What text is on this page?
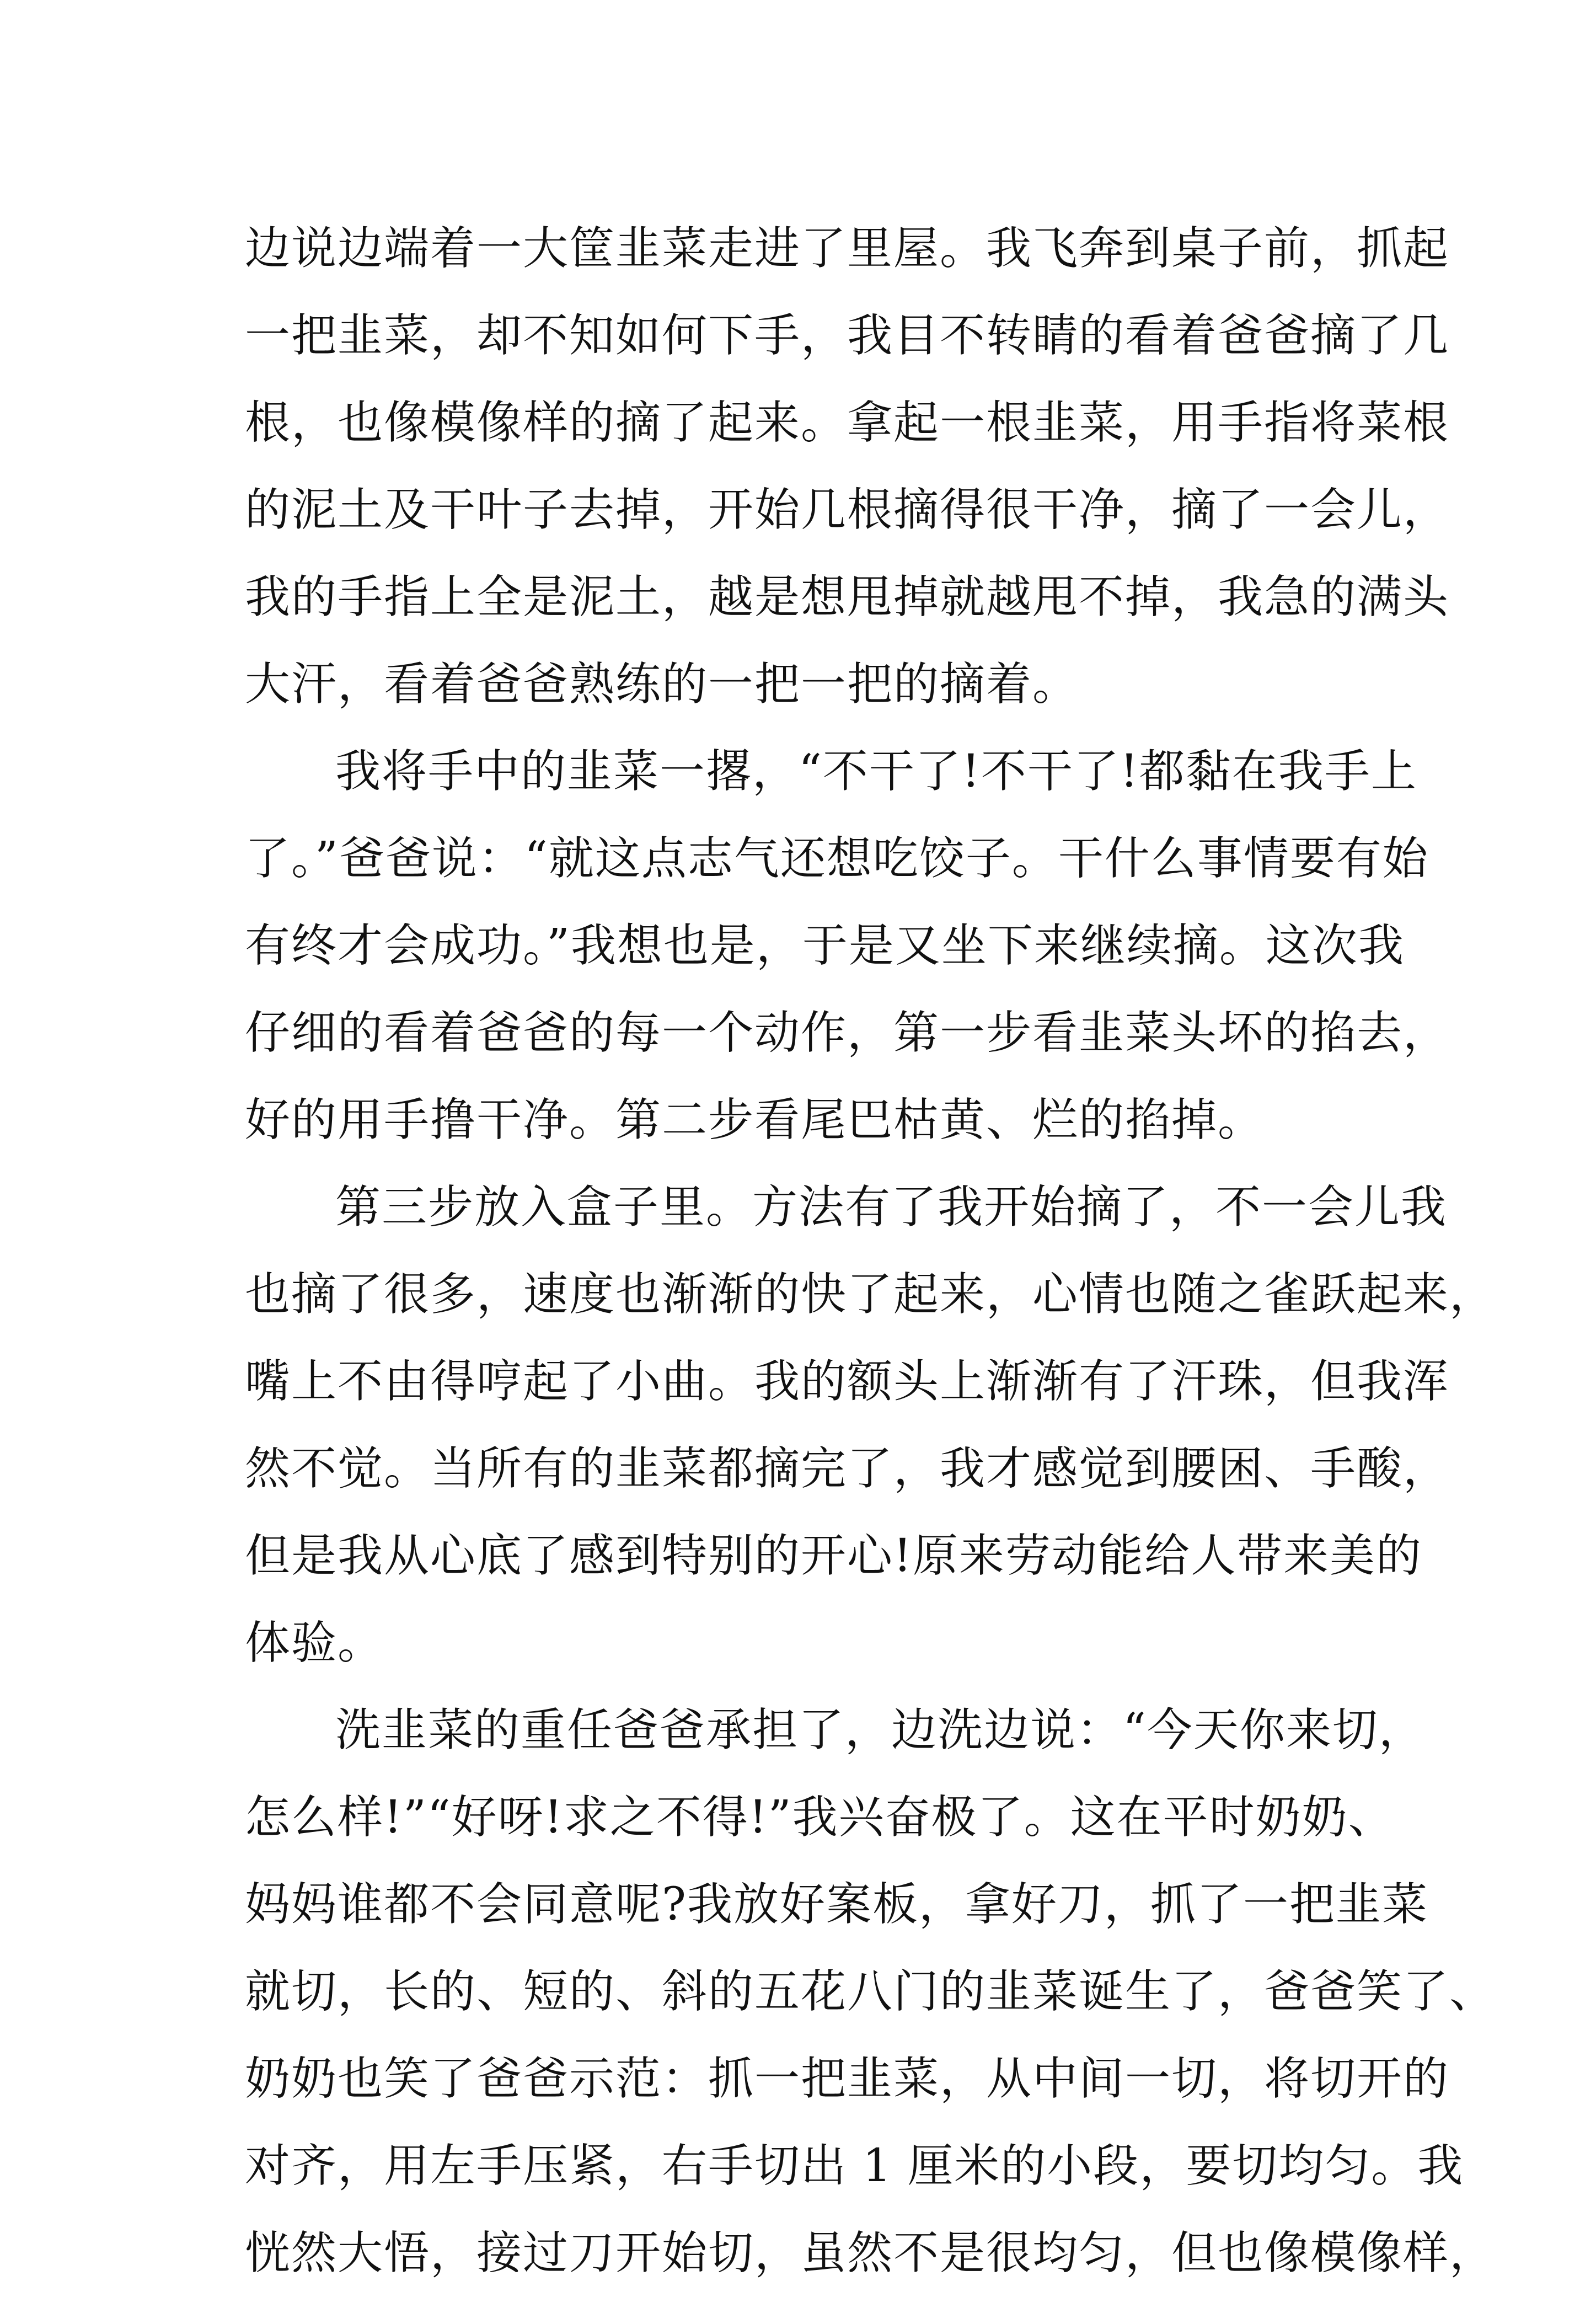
边说边端着一大筐韭菜走进了里屋。我飞奔到桌子前，抓起
一把韭菜，却不知如何下手，我目不转睛的看着爸爸摘了几
根，也像模像样的摘了起来。拿起一根韭菜，用手指将菜根
的泥土及干叶子去掉，开始几根摘得很干净，摘了一会儿，
我的手指上全是泥土，越是想甩掉就越甩不掉，我急的满头
大汗，看着爸爸熟练的一把一把的摘着。
我将手中的韭菜一撂，“不干了!不干了!都黏在我手上
了。”爸爸说：“就这点志气还想吃饺子。干什么事情要有始
有终才会成功。”我想也是，于是又坐下来继续摘。这次我
仔细的看着爸爸的每一个动作，第一步看韭菜头坏的掐去，
好的用手撸干净。第二步看尾巴枯黄、烂的掐掉。
第三步放入盒子里。方法有了我开始摘了，不一会儿我
也摘了很多，速度也渐渐的快了起来，心情也随之雀跃起来，
嘴上不由得哼起了小曲。我的额头上渐渐有了汗珠，但我浑
然不觉。当所有的韭菜都摘完了，我才感觉到腰困、手酸，
但是我从心底了感到特别的开心!原来劳动能给人带来美的
体验。
洗韭菜的重任爸爸承担了，边洗边说：“今天你来切，
怎么样!”“好呀!求之不得!”我兴奋极了。这在平时奶奶、
妈妈谁都不会同意呢?我放好案板，拿好刀，抓了一把韭菜
就切，长的、短的、斜的五花八门的韭菜诞生了，爸爸笑了、
奶奶也笑了爸爸示范：抓一把韭菜，从中间一切，将切开的
对齐，用左手压紧，右手切出 1 厘米的小段，要切均匀。我
恍然大悟，接过刀开始切，虽然不是很均匀，但也像模像样，
